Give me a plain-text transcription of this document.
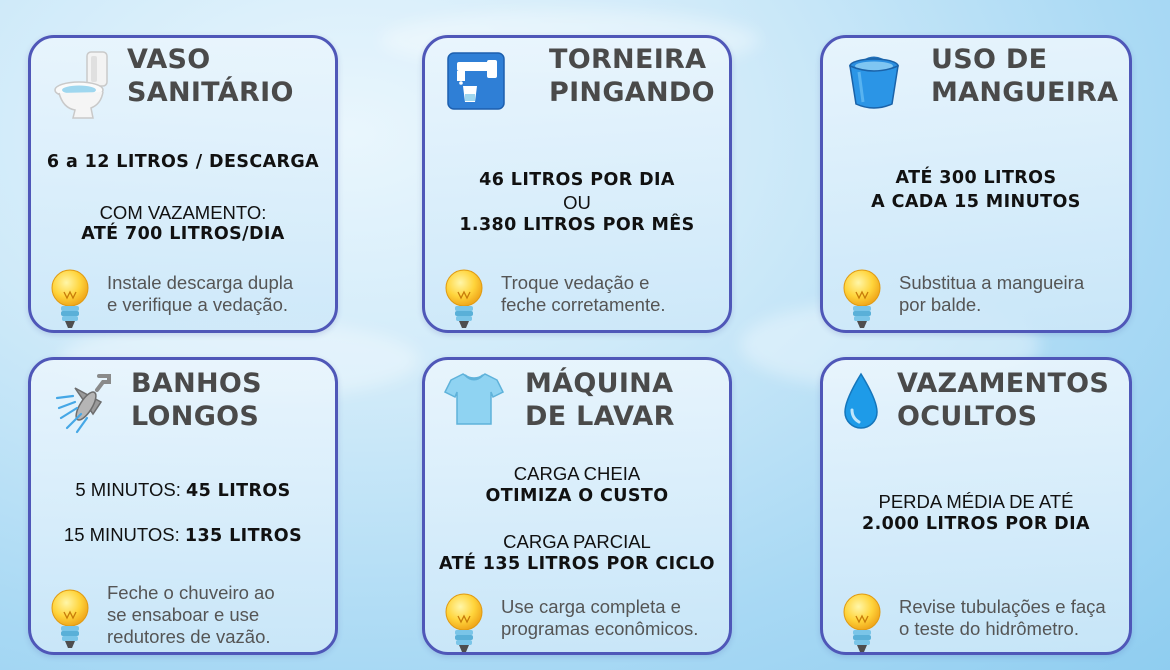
VASO
SANITÁRIO
6 a 12 LITROS / DESCARGA
COM VAZAMENTO:
ATÉ 700 LITROS/DIA
Instale descarga dupla
e verifique a vedação.
TORNEIRA
PINGANDO
46 LITROS POR DIA
OU
1.380 LITROS POR MÊS
Troque vedação e
feche corretamente.
USO DE
MANGUEIRA
ATÉ 300 LITROS
A CADA 15 MINUTOS
Substitua a mangueira
por balde.
BANHOS
LONGOS
5 MINUTOS: 45 LITROS
15 MINUTOS: 135 LITROS
Feche o chuveiro ao
se ensaboar e use
redutores de vazão.
MÁQUINA
DE LAVAR
CARGA CHEIA
OTIMIZA O CUSTO
CARGA PARCIAL
ATÉ 135 LITROS POR CICLO
Use carga completa e
programas econômicos.
VAZAMENTOS
OCULTOS
PERDA MÉDIA DE ATÉ
2.000 LITROS POR DIA
Revise tubulações e faça
o teste do hidrômetro.
